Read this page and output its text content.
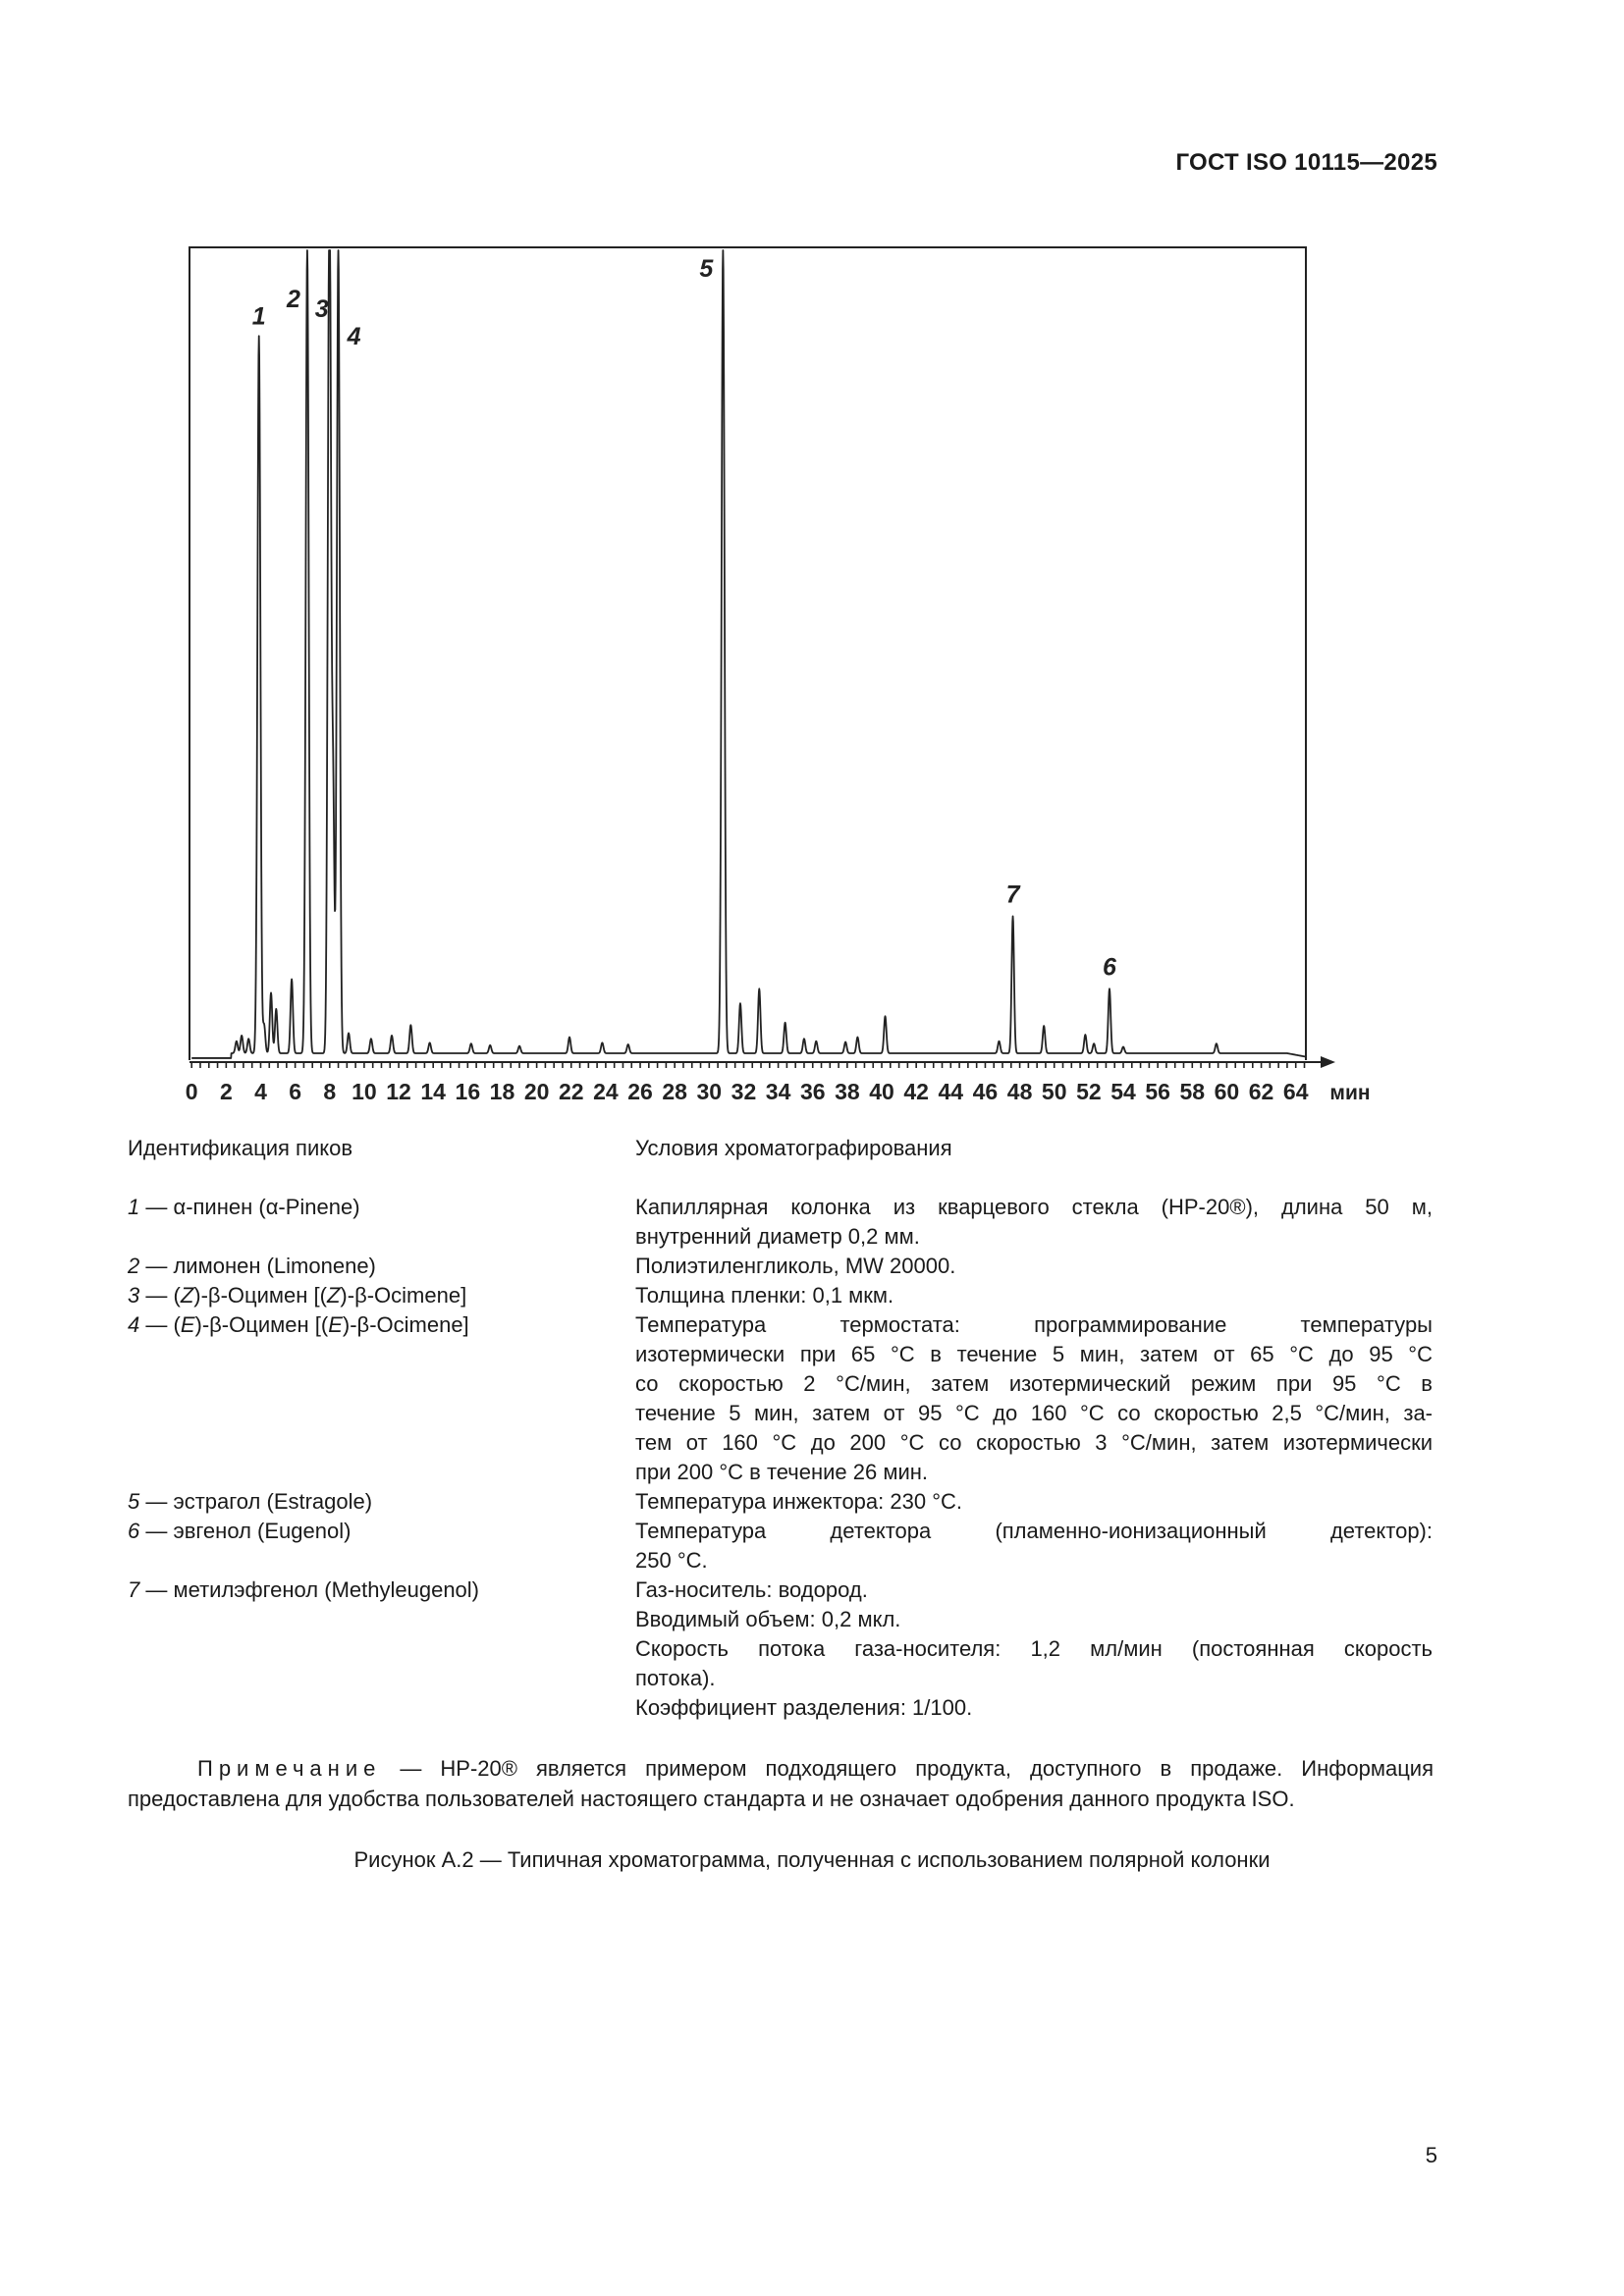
ГОСТ ISO 10115—2025
0 2 4 6 8 10 12 14 16 18 20 22 24 26 28 30 32 34 36 38 40 42 44 46 48 50 52 54 56 58 60 62 64 мин
1
2 3
4
5
7
6
Идентификация пиков
1 — α-пинен (α-Pinene)
2 — лимонен (Limonene)
3 — (Z)-β-Оцимен [(Z)-β-Ocimene]
4 — (E)-β-Оцимен [(E)-β-Ocimene]
5 — эстрагол (Estragole)
6 — эвгенол (Eugenol)
7 — метилэфгенол (Methyleugenol)
Условия хроматографирования

Капиллярная колонка из кварцевого стекла (HP-20®), длина 50 м,

внутренний диаметр 0,2 мм.

Полиэтиленгликоль, MW 20000.

Толщина пленки: 0,1 мкм.

Температура термостата: программирование температуры

изотермически при 65 °С в течение 5 мин, затем от 65 °С до 95 °С

со скоростью 2 °С/мин, затем изотермический режим при 95 °С в

течение 5 мин, затем от 95 °С до 160 °С со скоростью 2,5 °С/мин, за-

тем от 160 °С до 200 °С со скоростью 3 °С/мин, затем изотермически

при 200 °С в течение 26 мин.

Температура инжектора: 230 °С.

Температура детектора (пламенно-ионизационный детектор):

250 °С.

Газ-носитель: водород.

Вводимый объем: 0,2 мкл.

Скорость потока газа-носителя: 1,2 мл/мин (постоянная скорость

потока).

Коэффициент разделения: 1/100.

Примечание — HP-20® является примером подходящего продукта, доступного в продаже. Информация предоставлена для удобства пользователей настоящего стандарта и не означает одобрения данного продукта ISO.
Рисунок А.2 — Типичная хроматограмма, полученная с использованием полярной колонки
5
